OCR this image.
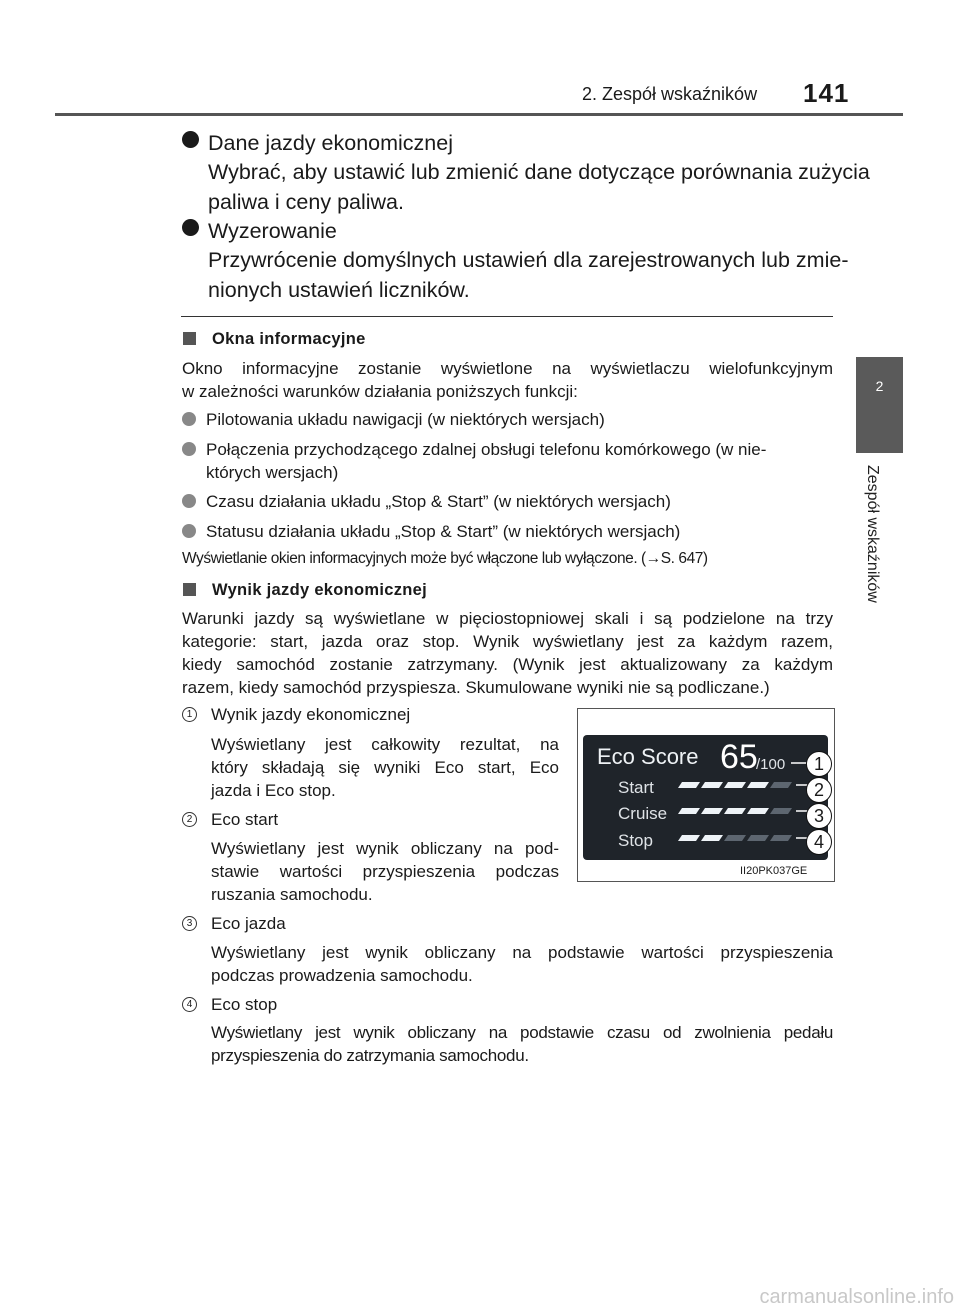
2. Zespół wskaźników 141
2
Zespół wskaźników
Dane jazdy ekonomicznej
Wybrać, aby ustawić lub zmienić dane dotyczące porównania zużycia
paliwa i ceny paliwa.
Wyzerowanie
Przywrócenie domyślnych ustawień dla zarejestrowanych lub zmie-
nionych ustawień liczników.
Okna informacyjne
Okno informacyjne zostanie wyświetlone na wyświetlaczu wielofunkcyjnym
w zależności warunków działania poniższych funkcji:
Pilotowania układu nawigacji (w niektórych wersjach)
Połączenia przychodzącego zdalnej obsługi telefonu komórkowego (w nie-
których wersjach)
Czasu działania układu „Stop & Start” (w niektórych wersjach)
Statusu działania układu „Stop & Start” (w niektórych wersjach)
Wyświetlanie okien informacyjnych może być włączone lub wyłączone. (→S. 647)
Wynik jazdy ekonomicznej
Warunki jazdy są wyświetlane w pięciostopniowej skali i są podzielone na trzy
kategorie: start, jazda oraz stop. Wynik wyświetlany jest za każdym razem,
kiedy samochód zostanie zatrzymany. (Wynik jest aktualizowany za każdym
razem, kiedy samochód przyspiesza. Skumulowane wyniki nie są podliczane.)
1 Wynik jazdy ekonomicznej
Wyświetlany jest całkowity rezultat, na
który składają się wyniki Eco start, Eco
jazda i Eco stop.
2 Eco start
Wyświetlany jest wynik obliczany na pod-
stawie wartości przyspieszenia podczas
ruszania samochodu.
3 Eco jazda
Wyświetlany jest wynik obliczany na podstawie wartości przyspieszenia
podczas prowadzenia samochodu.
4 Eco stop
Wyświetlany jest wynik obliczany na podstawie czasu od zwolnienia pedału
przyspieszenia do zatrzymania samochodu.
Eco Score 65
/100
Start
Cruise
Stop
1
2
3
4
II20PK037GE
carmanualsonline.info
